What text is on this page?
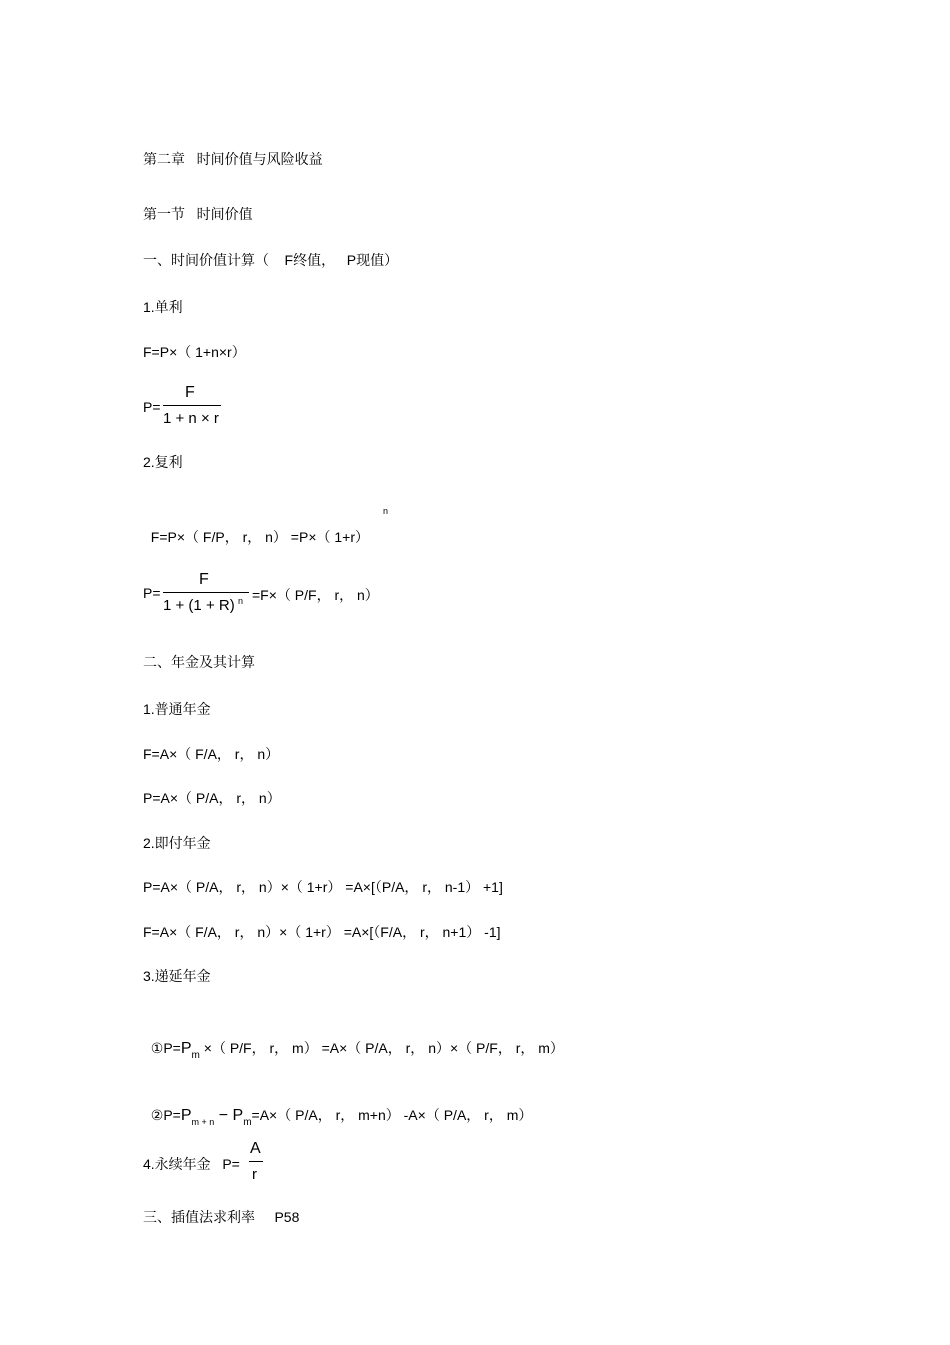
第二章   时间价值与风险收益
第一节   时间价值
一、时间价值计算（    F终值，   P现值）
1.单利
F=P×（ 1+n×r）
P=
F
1 + n × r
2.复利

F=P×（ F/P， r， n） =P×（ 1+r）

n
P=
F
1 + (1 + R) n =F×（ P/F， r， n）
二、年金及其计算
1.普通年金
F=A×（ F/A， r， n）
P=A×（ P/A， r， n）
2.即付年金
P=A×（ P/A， r， n）×（ 1+r） =A×[（P/A， r， n-1） +1]
F=A×（ F/A， r， n）×（ 1+r） =A×[（F/A， r， n+1） -1]
3.递延年金

$①P=P_m$ ×（ P/F， r， m） =A×（ P/A， r， n）×（ P/F， r， m）

$②P=P_{m + n} - P_m=A\times$（ P/A， r， m+n） -A×（ P/A， r， m）

4.永续年金   P=
A
r
三、插值法求利率     P58
